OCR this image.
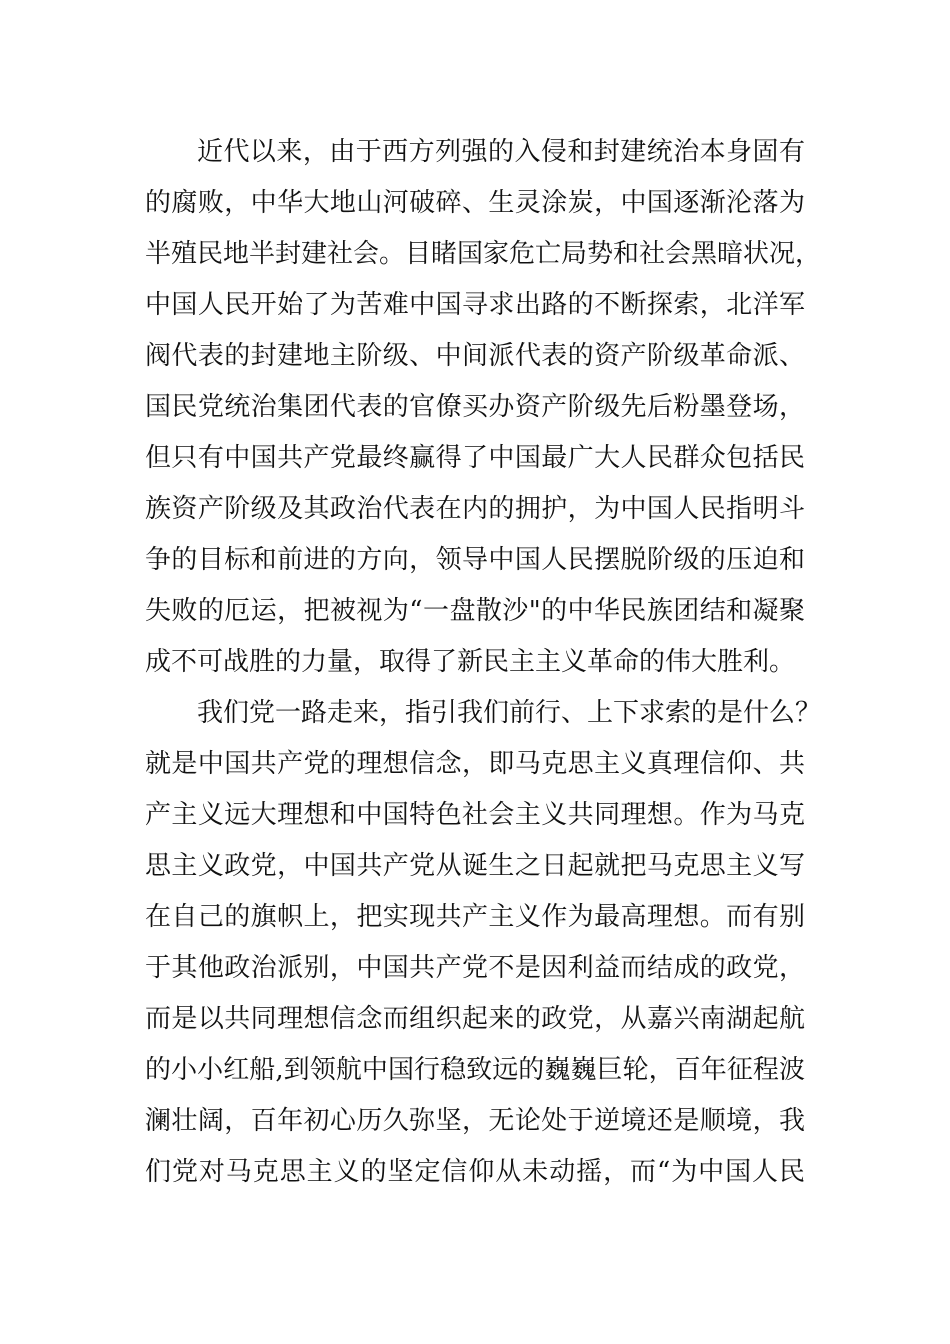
近代以来，由于西方列强的入侵和封建统治本身固有
的腐败，中华大地山河破碎、生灵涂炭，中国逐渐沦落为
半殖民地半封建社会。目睹国家危亡局势和社会黑暗状况，
中国人民开始了为苦难中国寻求出路的不断探索，北洋军
阀代表的封建地主阶级、中间派代表的资产阶级革命派、
国民党统治集团代表的官僚买办资产阶级先后粉墨登场，
但只有中国共产党最终赢得了中国最广大人民群众包括民
族资产阶级及其政治代表在内的拥护，为中国人民指明斗
争的目标和前进的方向，领导中国人民摆脱阶级的压迫和
失败的厄运，把被视为“一盘散沙"的中华民族团结和凝聚
成不可战胜的力量，取得了新民主主义革命的伟大胜利。
我们党一路走来，指引我们前行、上下求索的是什么？
就是中国共产党的理想信念，即马克思主义真理信仰、共
产主义远大理想和中国特色社会主义共同理想。作为马克
思主义政党，中国共产党从诞生之日起就把马克思主义写
在自己的旗帜上，把实现共产主义作为最高理想。而有别
于其他政治派别，中国共产党不是因利益而结成的政党，
而是以共同理想信念而组织起来的政党，从嘉兴南湖起航
的小小红船,到领航中国行稳致远的巍巍巨轮，百年征程波
澜壮阔，百年初心历久弥坚，无论处于逆境还是顺境，我
们党对马克思主义的坚定信仰从未动摇，而“为中国人民
